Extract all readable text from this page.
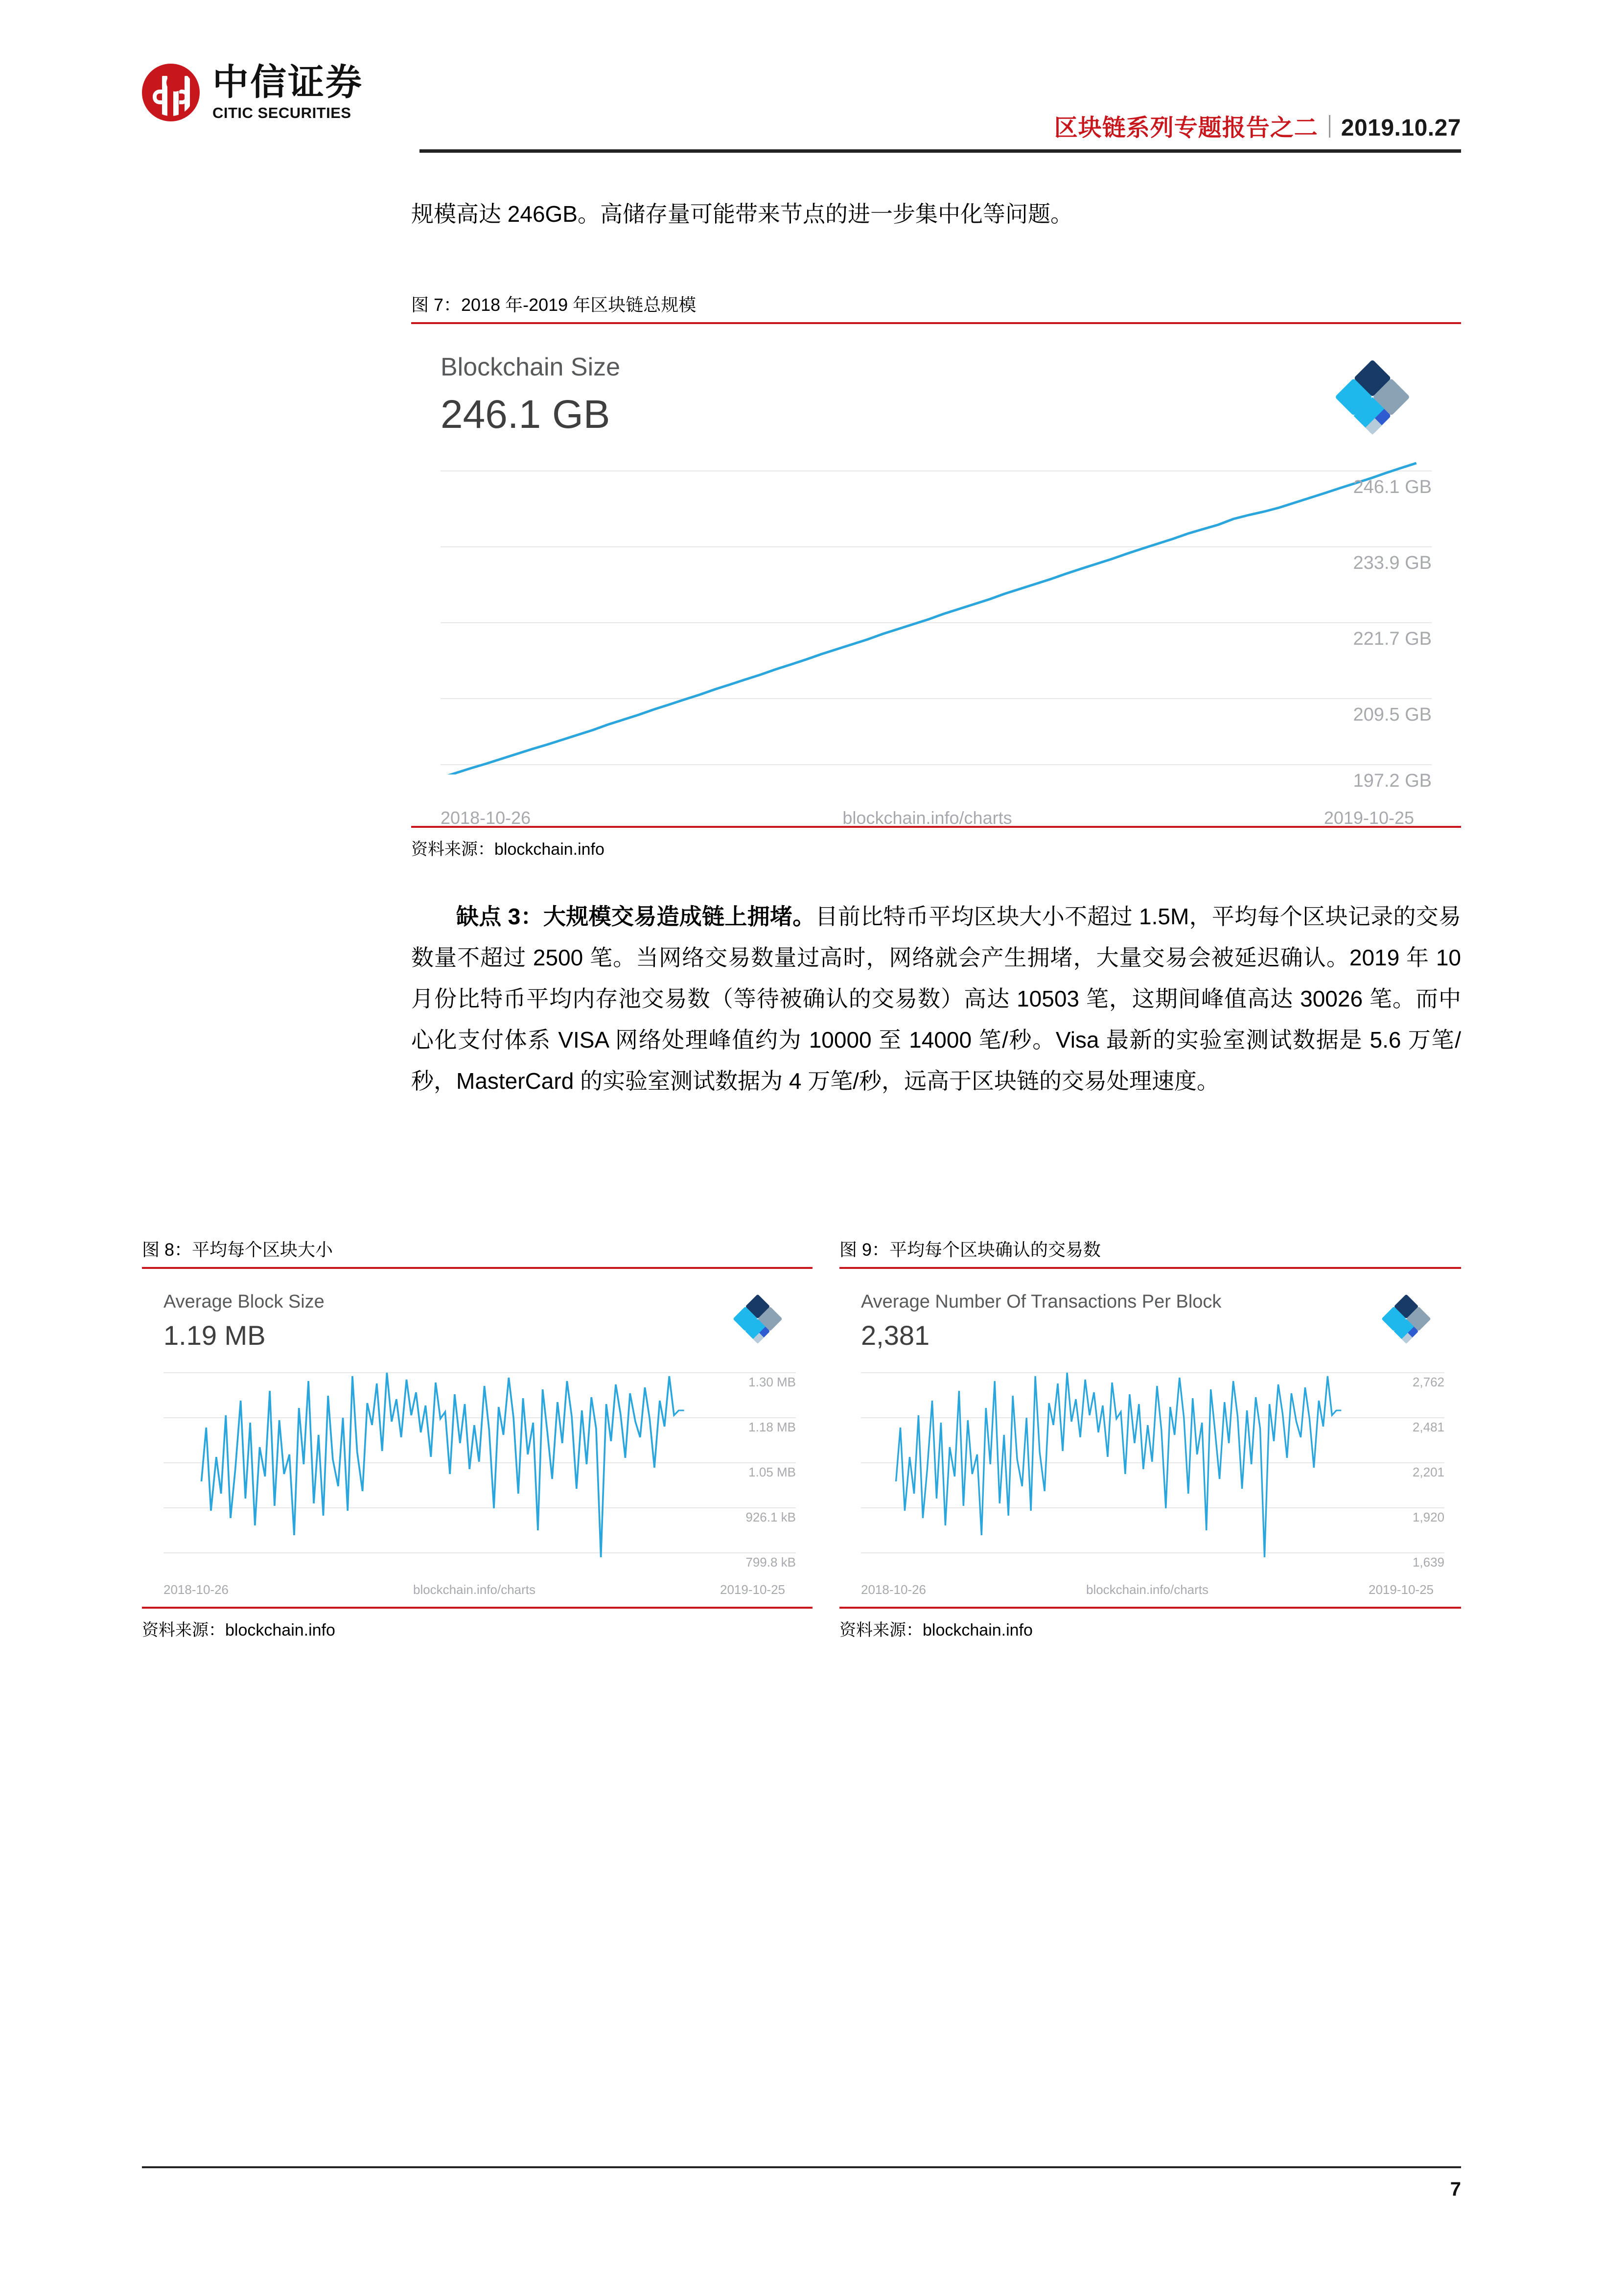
中信证券
CITIC SECURITIES
区块链系列专题报告之二 2019.10.27
规模高达 246GB。高储存量可能带来节点的进一步集中化等问题。
图 7：2018 年-2019 年区块链总规模
Blockchain Size
246.1 GB
246.1 GB
233.9 GB
221.7 GB
209.5 GB
197.2 GB
2018-10-26	blockchain.info/charts	2019-10-25
资料来源：blockchain.info
缺点 3：大规模交易造成链上拥堵。目前比特币平均区块大小不超过 1.5M，平均每个区块记录的交易数量不超过 2500 笔。当网络交易数量过高时，网络就会产生拥堵，大量交易会被延迟确认。2019 年 10 月份比特币平均内存池交易数（等待被确认的交易数）高达 10503 笔，这期间峰值高达 30026 笔。而中心化支付体系 VISA 网络处理峰值约为 10000 至 14000 笔/秒。Visa 最新的实验室测试数据是 5.6 万笔/秒，MasterCard 的实验室测试数据为 4 万笔/秒，远高于区块链的交易处理速度。
图 8：平均每个区块大小
Average Block Size
1.19 MB
1.30 MB
1.18 MB
1.05 MB
926.1 kB
799.8 kB
2018-10-26	blockchain.info/charts	2019-10-25
资料来源：blockchain.info
图 9：平均每个区块确认的交易数
Average Number Of Transactions Per Block
2,381
2,762
2,481
2,201
1,920
1,639
2018-10-26	blockchain.info/charts	2019-10-25
资料来源：blockchain.info
7
